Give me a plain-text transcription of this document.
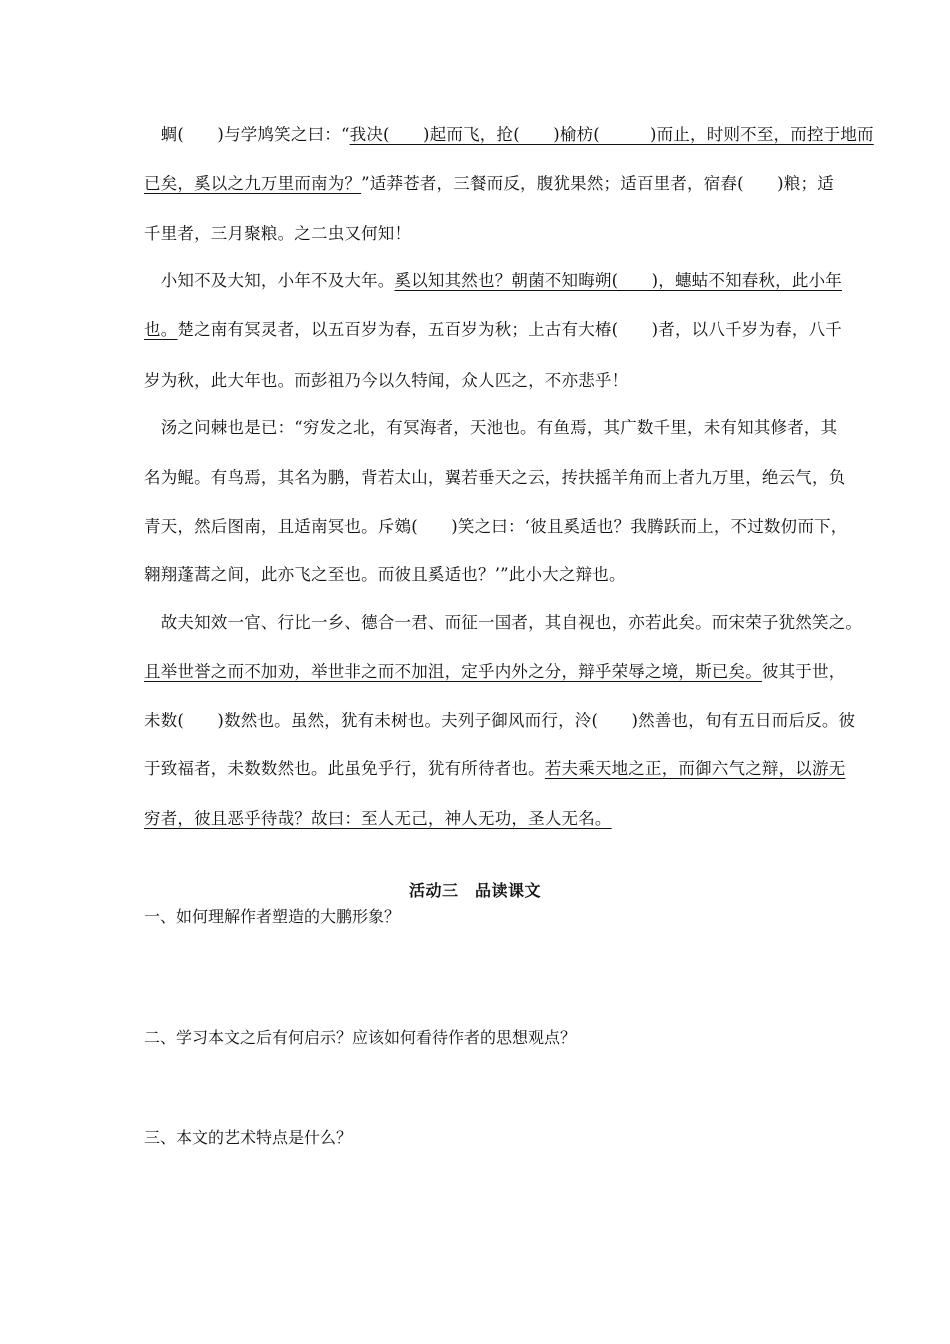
　蜩(　　)与学鸠笑之曰：“我决(　　)起而飞，抢(　　)榆枋(　　　)而止，时则不至，而控于地而
已矣，奚以之九万里而南为？”适莽苍者，三餐而反，腹犹果然；适百里者，宿舂(　　)粮；适
千里者，三月聚粮。之二虫又何知！
　小知不及大知，小年不及大年。奚以知其然也？朝菌不知晦朔(　　)，蟪蛄不知春秋，此小年
也。楚之南有冥灵者，以五百岁为春，五百岁为秋；上古有大椿(　　)者，以八千岁为春，八千
岁为秋，此大年也。而彭祖乃今以久特闻，众人匹之，不亦悲乎！
　汤之问棘也是已：“穷发之北，有冥海者，天池也。有鱼焉，其广数千里，未有知其修者，其
名为鲲。有鸟焉，其名为鹏，背若太山，翼若垂天之云，抟扶摇羊角而上者九万里，绝云气，负
青天，然后图南，且适南冥也。斥鴳(　　)笑之曰：‘彼且奚适也？我腾跃而上，不过数仞而下，
翱翔蓬蒿之间，此亦飞之至也。而彼且奚适也？’”此小大之辩也。
　故夫知效一官、行比一乡、德合一君、而征一国者，其自视也，亦若此矣。而宋荣子犹然笑之。
且举世誉之而不加劝，举世非之而不加沮，定乎内外之分，辩乎荣辱之境，斯已矣。彼其于世，
未数(　　)数然也。虽然，犹有未树也。夫列子御风而行，泠(　　)然善也，旬有五日而后反。彼
于致福者，未数数然也。此虽免乎行，犹有所待者也。若夫乘天地之正，而御六气之辩，以游无
穷者，彼且恶乎待哉？故曰：至人无己，神人无功，圣人无名。
活动三　品读课文
一、如何理解作者塑造的大鹏形象？
二、学习本文之后有何启示？应该如何看待作者的思想观点？
三、本文的艺术特点是什么？
